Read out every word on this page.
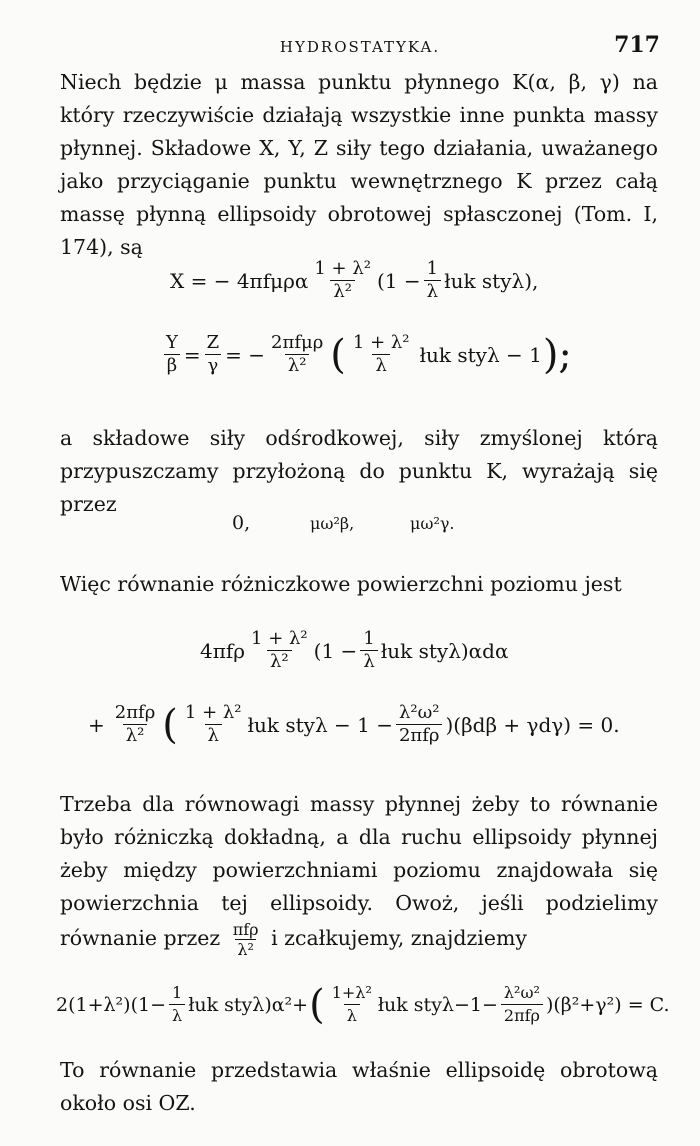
HYDROSTATYKA.	717

Niech będzie μ massa punktu płynnego K(α, β, γ) na który rzeczywiście działają wszystkie inne punkta massy płynnej. Składowe X, Y, Z siły tego działania, uważanego jako przyciąganie punktu wewnętrznego K przez całą massę płynną ellipsoidy obrotowej spłasczonej (Tom. I, 174), są

X = − $4\pi f\mu\rho\alpha \frac{\text{1 + λ²}}{\text{λ²}} (1 - \frac{1}{\lambda}$ łuk styλ),
$\frac{Y}{\beta} = \frac{Z}{\gamma}$ = − $\frac{\text{2πfμρ}}{\text{λ²}}$ ( $\frac{\text{1 + λ²}}{\lambda}$ łuk styλ − 1 );

a składowe siły odśrodkowej, siły zmyślonej którą przypuszczamy przyłożoną do punktu K, wyrażają się przez

0,	μω²β,	μω²γ.

Więc równanie różniczkowe powierzchni poziomu jest

$4\pi f\rho \frac{\text{1 + λ²}}{\text{λ²}} (1 - \frac{1}{\lambda}$ łuk styλ)αdα
+ $\frac{\text{2πfρ}}{\text{λ²}}$ ( $\frac{\text{1 + λ²}}{\lambda}$ łuk $sty\lambda - 1 - \frac{\text{λ²ω²}}{\text{2πfρ}} )(\beta d\beta + \gamma d\gamma) = 0$.

Trzeba dla równowagi massy płynnej żeby to równanie było różniczką dokładną, a dla ruchu ellipsoidy płynnej żeby między powierzchniami poziomu znajdowała się powierzchnia tej ellipsoidy. Owoż, jeśli podzielimy równanie przez $\frac{\text{πfρ}}{\text{λ²}}$ i zcałkujemy, znajdziemy

$2(1+\lambda^2)(1- \frac{1}{\lambda}$ łuk styλ)α²+ ( $\frac{\text{1+λ²}}{\lambda}$ łuk $sty\lambda-1- \frac{\text{λ²ω²}}{\text{2πfρ}} )(\beta^2+\gamma^2) = C$.

To równanie przedstawia właśnie ellipsoidę obrotową około osi OZ.
